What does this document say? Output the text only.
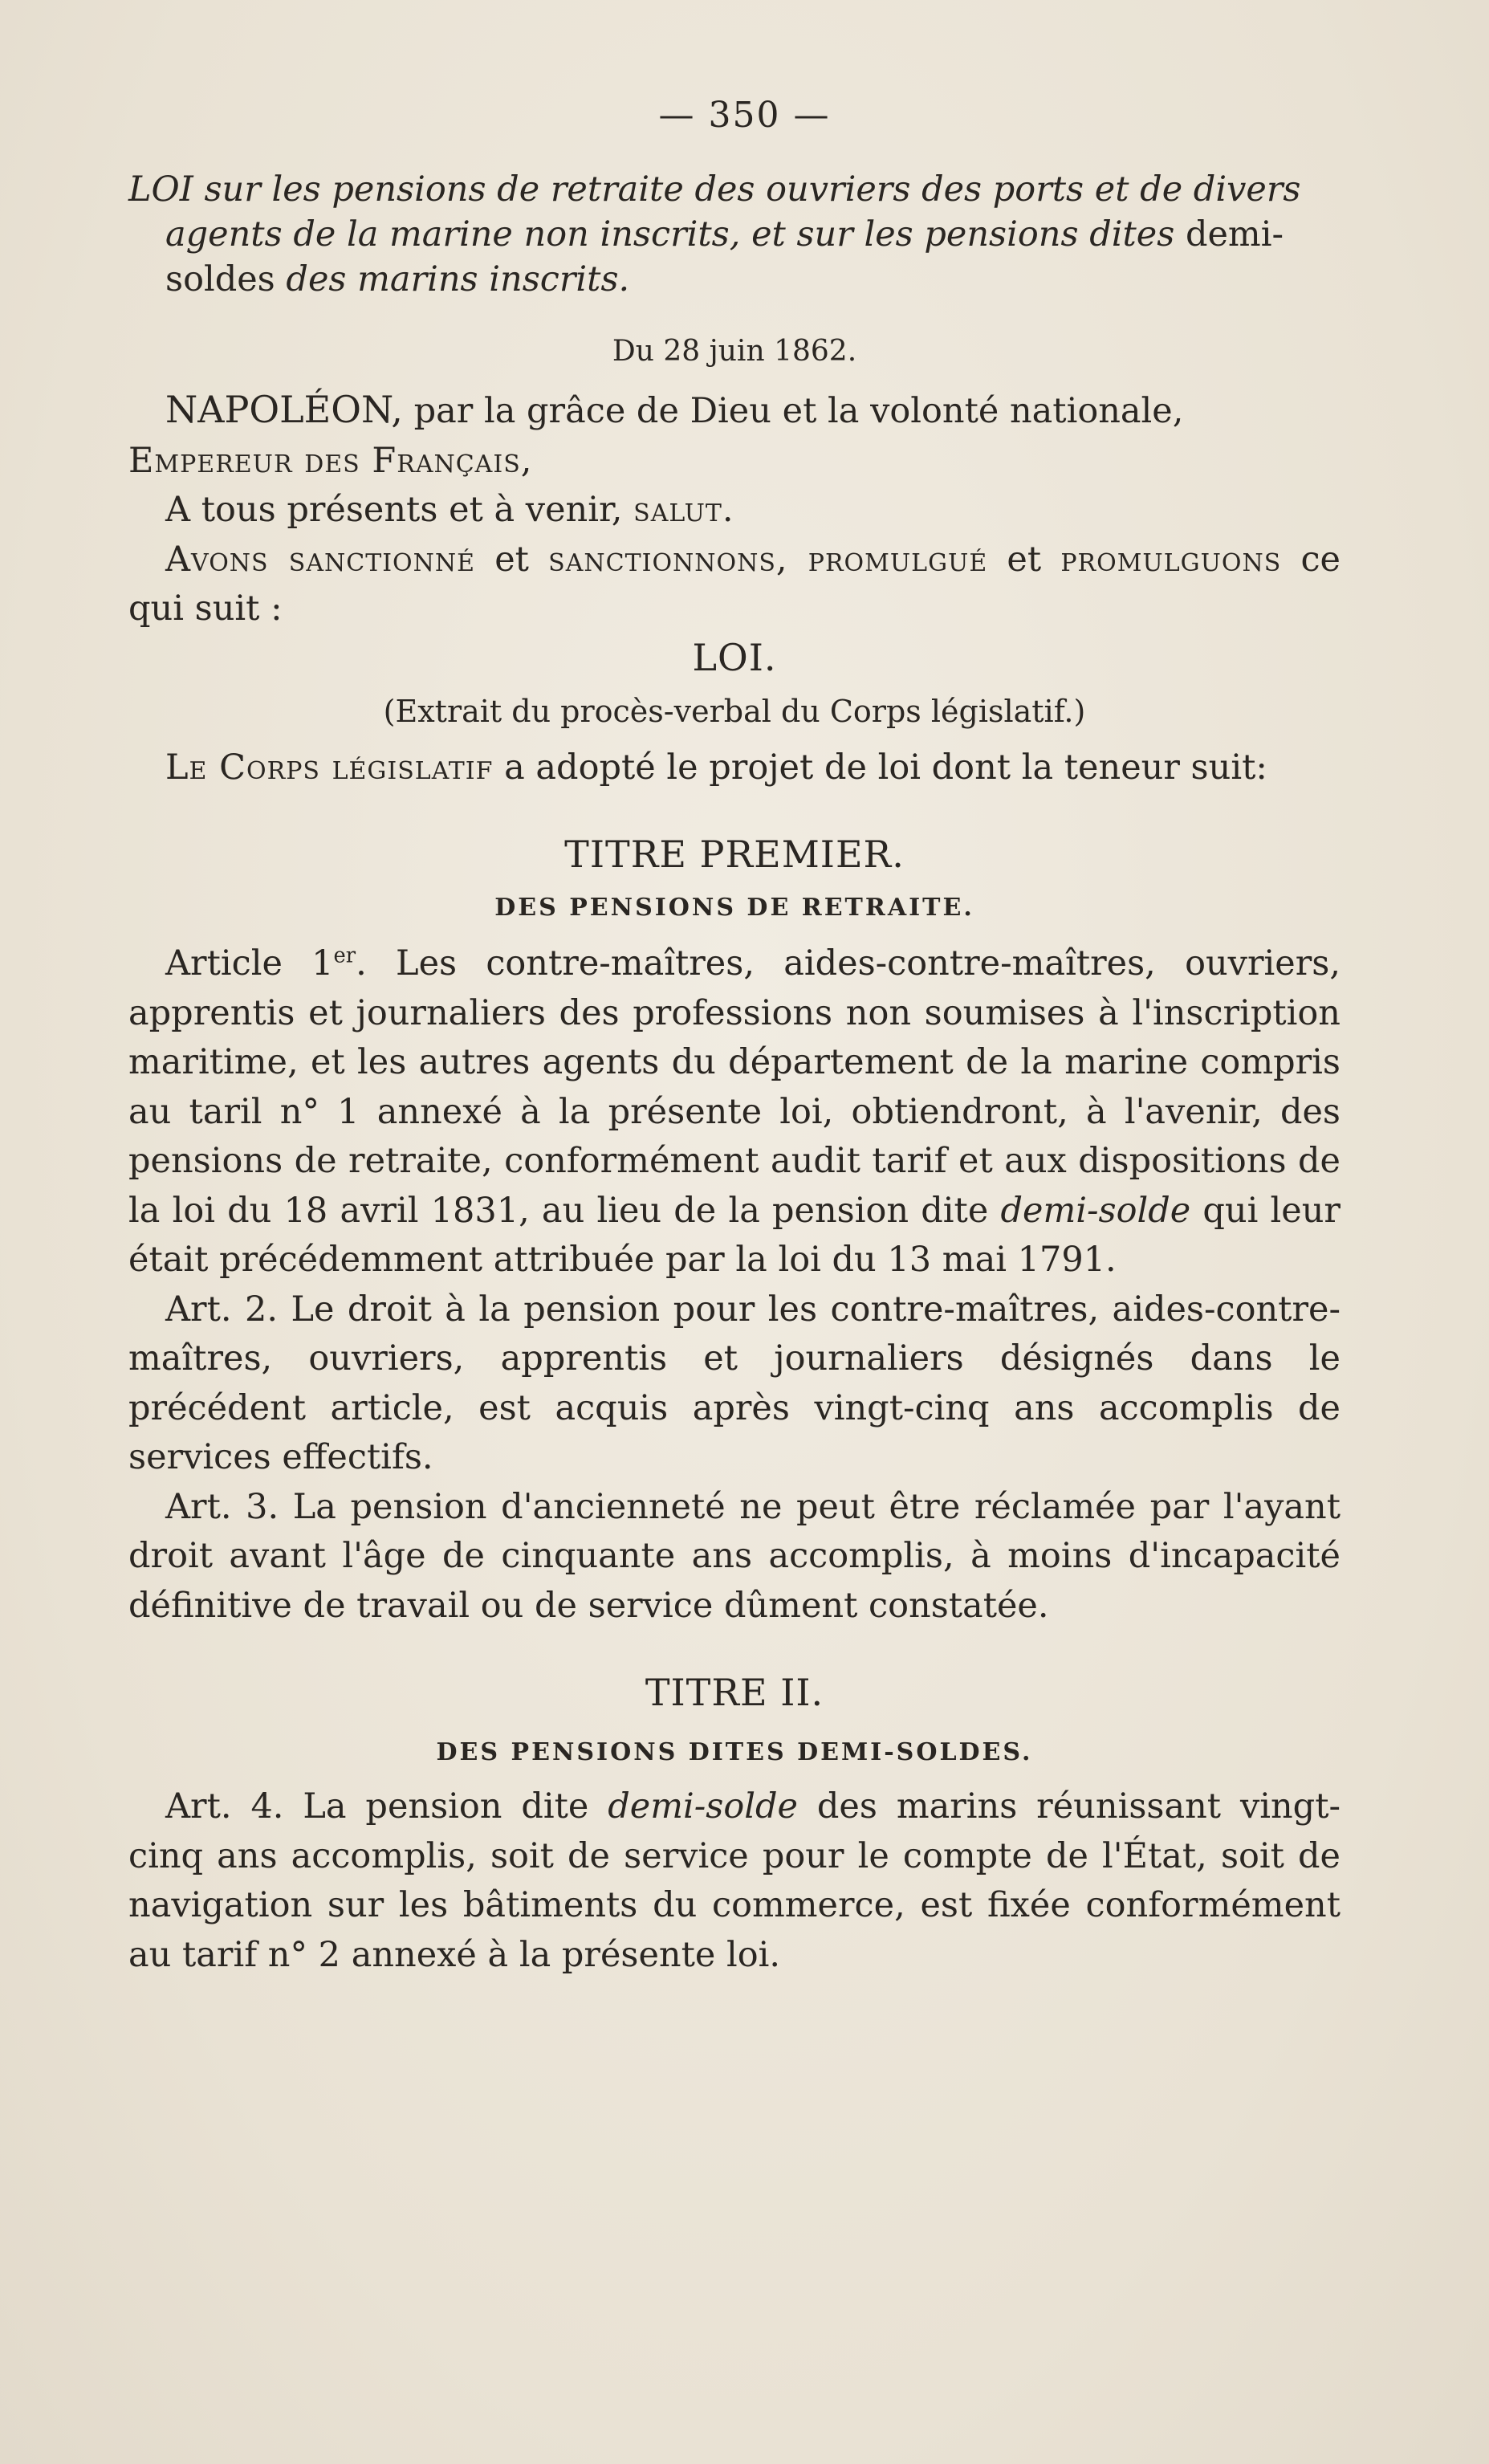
— 350 —
LOI sur les pensions de retraite des ouvriers des ports et de divers agents de la marine non inscrits, et sur les pensions dites demi-soldes des marins inscrits.
Du 28 juin 1862.

NAPOLÉON, par la grâce de Dieu et la volonté nationale,

Empereur des Français,

A tous présents et à venir, salut.

Avons sanctionné et sanctionnons, promulgué et promulguons ce qui suit :

LOI.
(Extrait du procès-verbal du Corps législatif.)

Le Corps législatif a adopté le projet de loi dont la teneur suit:

TITRE PREMIER.
DES PENSIONS DE RETRAITE.

Article 1er. Les contre-maîtres, aides-contre-maîtres, ouvriers, apprentis et journaliers des professions non soumises à l'inscription maritime, et les autres agents du département de la marine compris au taril n° 1 annexé à la présente loi, obtiendront, à l'avenir, des pensions de retraite, conformément audit tarif et aux dispositions de la loi du 18 avril 1831, au lieu de la pension dite demi-solde qui leur était précédemment attribuée par la loi du 13 mai 1791.

Art. 2. Le droit à la pension pour les contre-maîtres, aides-contre-maîtres, ouvriers, apprentis et journaliers désignés dans le précédent article, est acquis après vingt-cinq ans accomplis de services effectifs.

Art. 3. La pension d'ancienneté ne peut être réclamée par l'ayant droit avant l'âge de cinquante ans accomplis, à moins d'incapacité définitive de travail ou de service dûment constatée.

TITRE II.
DES PENSIONS DITES DEMI-SOLDES.

Art. 4. La pension dite demi-solde des marins réunissant vingt-cinq ans accomplis, soit de service pour le compte de l'État, soit de navigation sur les bâtiments du commerce, est fixée conformément au tarif n° 2 annexé à la présente loi.
